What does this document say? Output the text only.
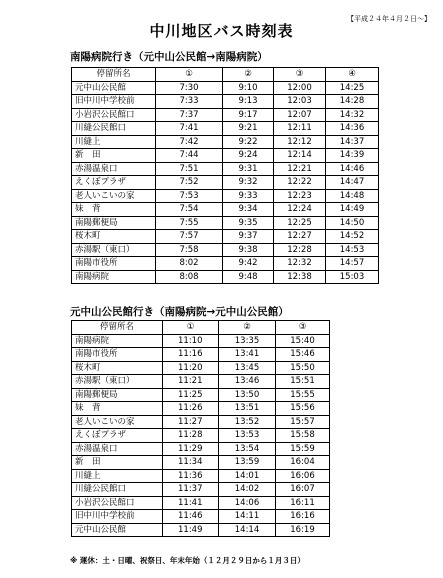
【平成２４年４月２日～】
中川地区バス時刻表
南陽病院行き（元中山公民館→南陽病院）
停留所名	①	②	③	④
元中山公民館	7:30	9:10	12:00	14:25
旧中川中学校前	7:33	9:13	12:03	14:28
小岩沢公民館口	7:37	9:17	12:07	14:32
川縫公民館口	7:41	9:21	12:11	14:36
川縫上	7:42	9:22	12:12	14:37
新　田	7:44	9:24	12:14	14:39
赤湯温泉口	7:51	9:31	12:21	14:46
えくぼプラザ	7:52	9:32	12:22	14:47
老人いこいの家	7:53	9:33	12:23	14:48
妹　背	7:54	9:34	12:24	14:49
南陽郵便局	7:55	9:35	12:25	14:50
桜木町	7:57	9:37	12:27	14:52
赤湯駅（東口）	7:58	9:38	12:28	14:53
南陽市役所	8:02	9:42	12:32	14:57
南陽病院	8:08	9:48	12:38	15:03
元中山公民館行き（南陽病院→元中山公民館）
停留所名	①	②	③
南陽病院	11:10	13:35	15:40
南陽市役所	11:16	13:41	15:46
桜木町	11:20	13:45	15:50
赤湯駅（東口）	11:21	13:46	15:51
南陽郵便局	11:25	13:50	15:55
妹　背	11:26	13:51	15:56
老人いこいの家	11:27	13:52	15:57
えくぼプラザ	11:28	13:53	15:58
赤湯温泉口	11:29	13:54	15:59
新　田	11:34	13:59	16:04
川縫上	11:36	14:01	16:06
川縫公民館口	11:37	14:02	16:07
小岩沢公民館口	11:41	14:06	16:11
旧中川中学校前	11:46	14:11	16:16
元中山公民館	11:49	14:14	16:19
※ 運休：土・日曜、祝祭日、年末年始（１２月２９日から１月３日）
